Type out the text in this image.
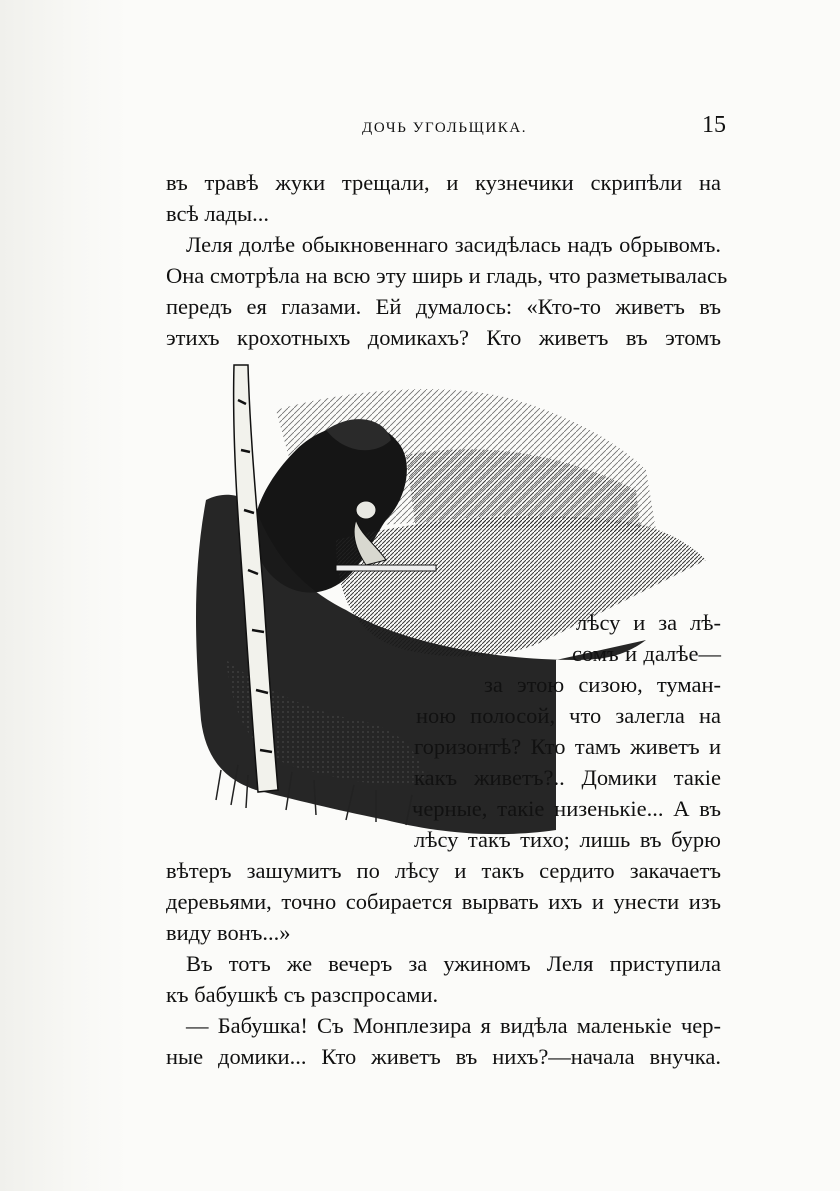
ДОЧЬ УГОЛЬЩИКА.	15
въ травѣ жуки трещали, и кузнечики скрипѣли на
всѣ лады...
Леля долѣе обыкновеннаго засидѣлась надъ обрывомъ.
Она смотрѣла на всю эту ширь и гладь, что разметывалась
передъ ея глазами. Ей думалось: «Кто-то живетъ въ
этихъ крохотныхъ домикахъ? Кто живетъ въ этомъ
лѣсу и за лѣ-
сомъ и далѣе—
за этою сизою, туман-
ною полосой, что залегла на
горизонтѣ? Кто тамъ живетъ и
какъ живетъ?.. Домики такіе
черные, такіе низенькіе... А въ
лѣсу такъ тихо; лишь въ бурю
вѣтеръ зашумитъ по лѣсу и такъ сердито закачаетъ
деревьями, точно собирается вырвать ихъ и унести изъ
виду вонъ...»
Въ тотъ же вечеръ за ужиномъ Леля приступила
къ бабушкѣ съ разспросами.
— Бабушка! Съ Монплезира я видѣла маленькіе чер-
ные домики... Кто живетъ въ нихъ?—начала внучка.
